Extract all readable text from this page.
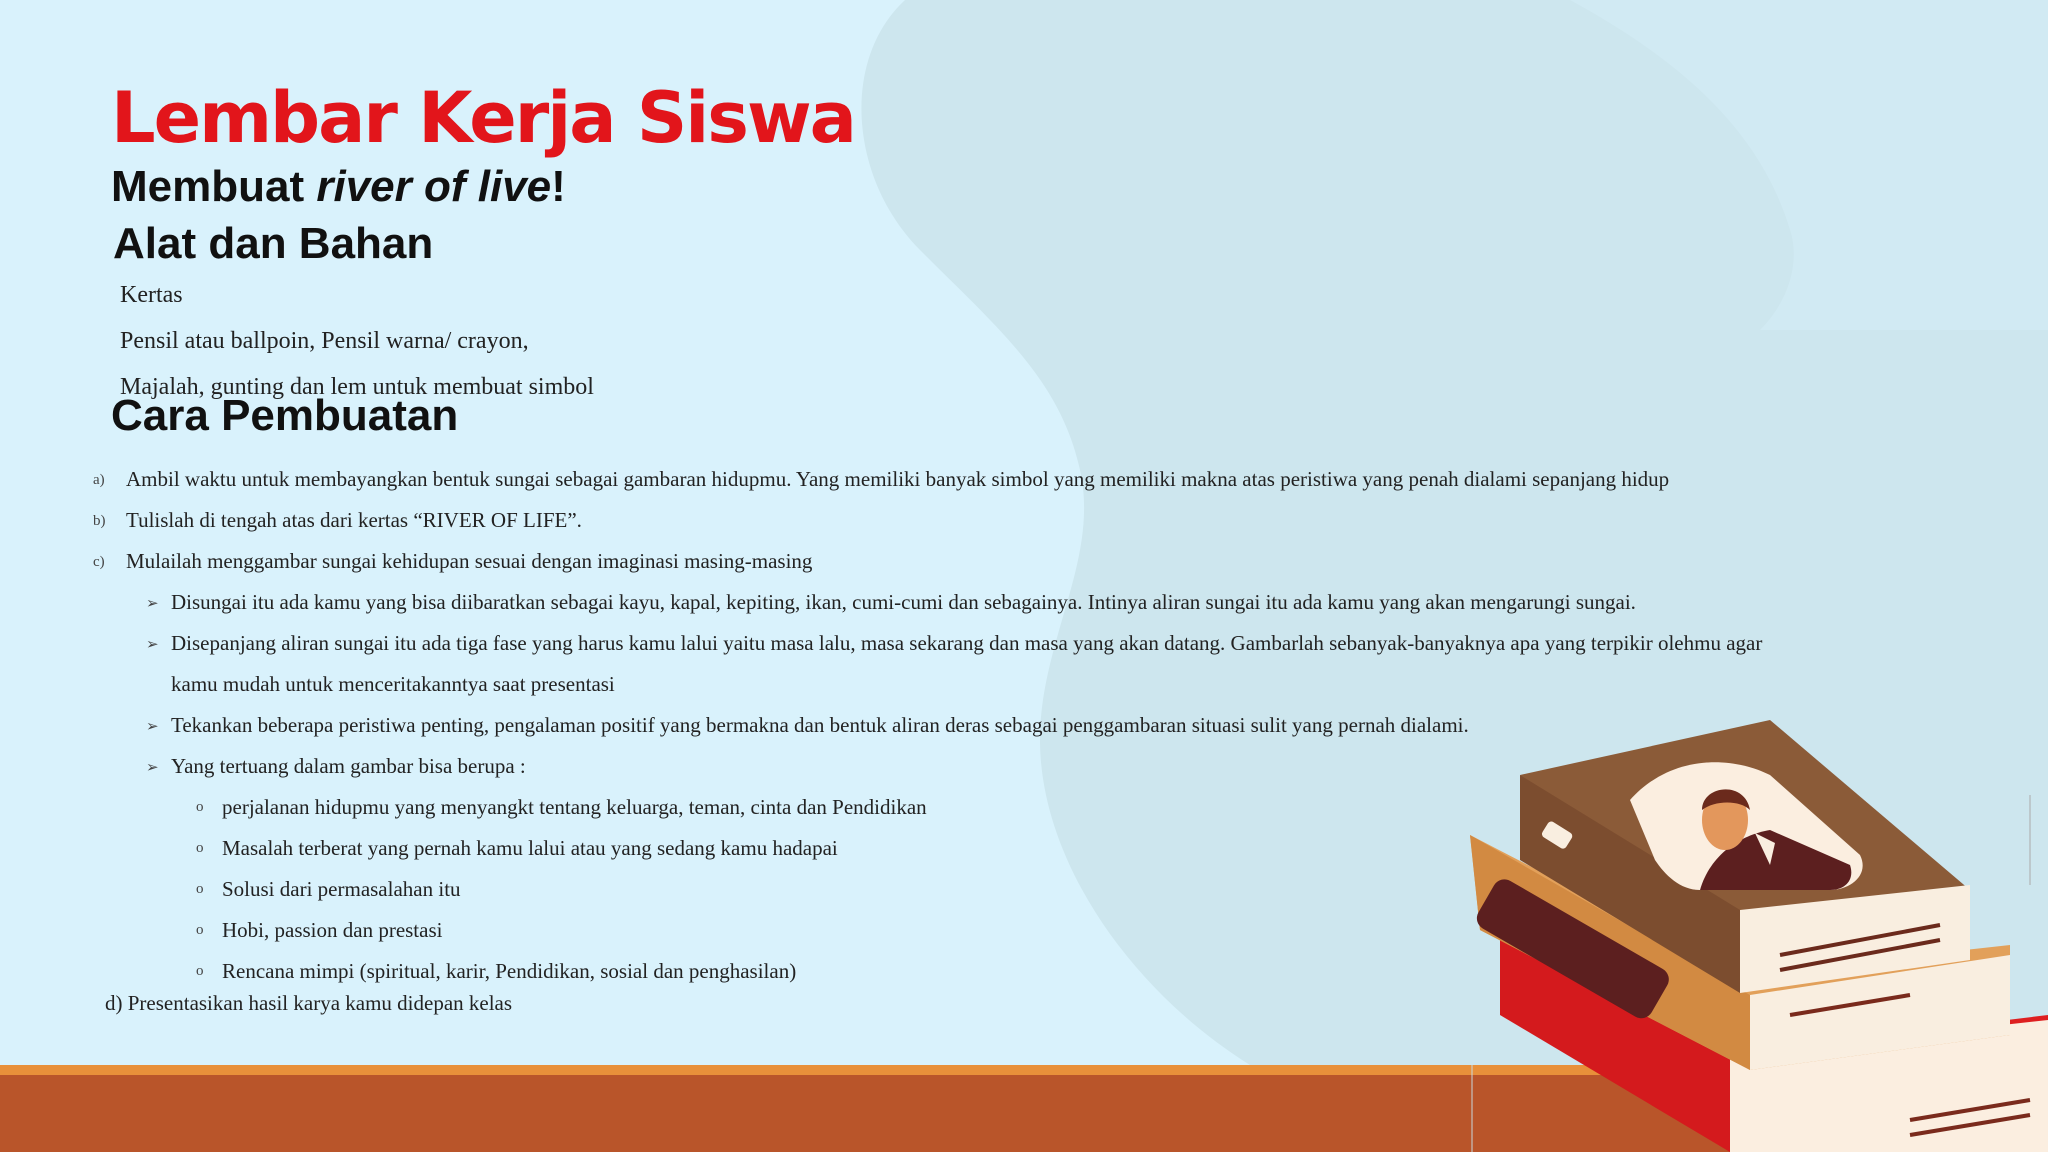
Lembar Kerja Siswa
Membuat river of live!
Alat dan Bahan

Kertas

Pensil atau ballpoin, Pensil warna/ crayon,

Majalah, gunting dan lem untuk membuat simbol

Cara Pembuatan
a) Ambil waktu untuk membayangkan bentuk sungai sebagai gambaran hidupmu. Yang memiliki banyak simbol yang memiliki makna atas peristiwa yang penah dialami sepanjang hidup
b) Tulislah di tengah atas dari kertas “RIVER OF LIFE”.
c) Mulailah menggambar sungai kehidupan sesuai dengan imaginasi masing-masing
➢ Disungai itu ada kamu yang bisa diibaratkan sebagai kayu, kapal, kepiting, ikan, cumi-cumi dan sebagainya. Intinya aliran sungai itu ada kamu yang akan mengarungi sungai.
➢ Disepanjang aliran sungai itu ada tiga fase yang harus kamu lalui yaitu masa lalu, masa sekarang dan masa yang akan datang. Gambarlah sebanyak-banyaknya apa yang terpikir olehmu agar
kamu mudah untuk menceritakanntya saat presentasi
➢ Tekankan beberapa peristiwa penting, pengalaman positif yang bermakna dan bentuk aliran deras sebagai penggambaran situasi sulit yang pernah dialami.
➢ Yang tertuang dalam gambar bisa berupa :
o perjalanan hidupmu yang menyangkt tentang keluarga, teman, cinta dan Pendidikan
o Masalah terberat yang pernah kamu lalui atau yang sedang kamu hadapai
o Solusi dari permasalahan itu
o Hobi, passion dan prestasi
o Rencana mimpi (spiritual, karir, Pendidikan, sosial dan penghasilan)
d) Presentasikan hasil karya kamu didepan kelas
